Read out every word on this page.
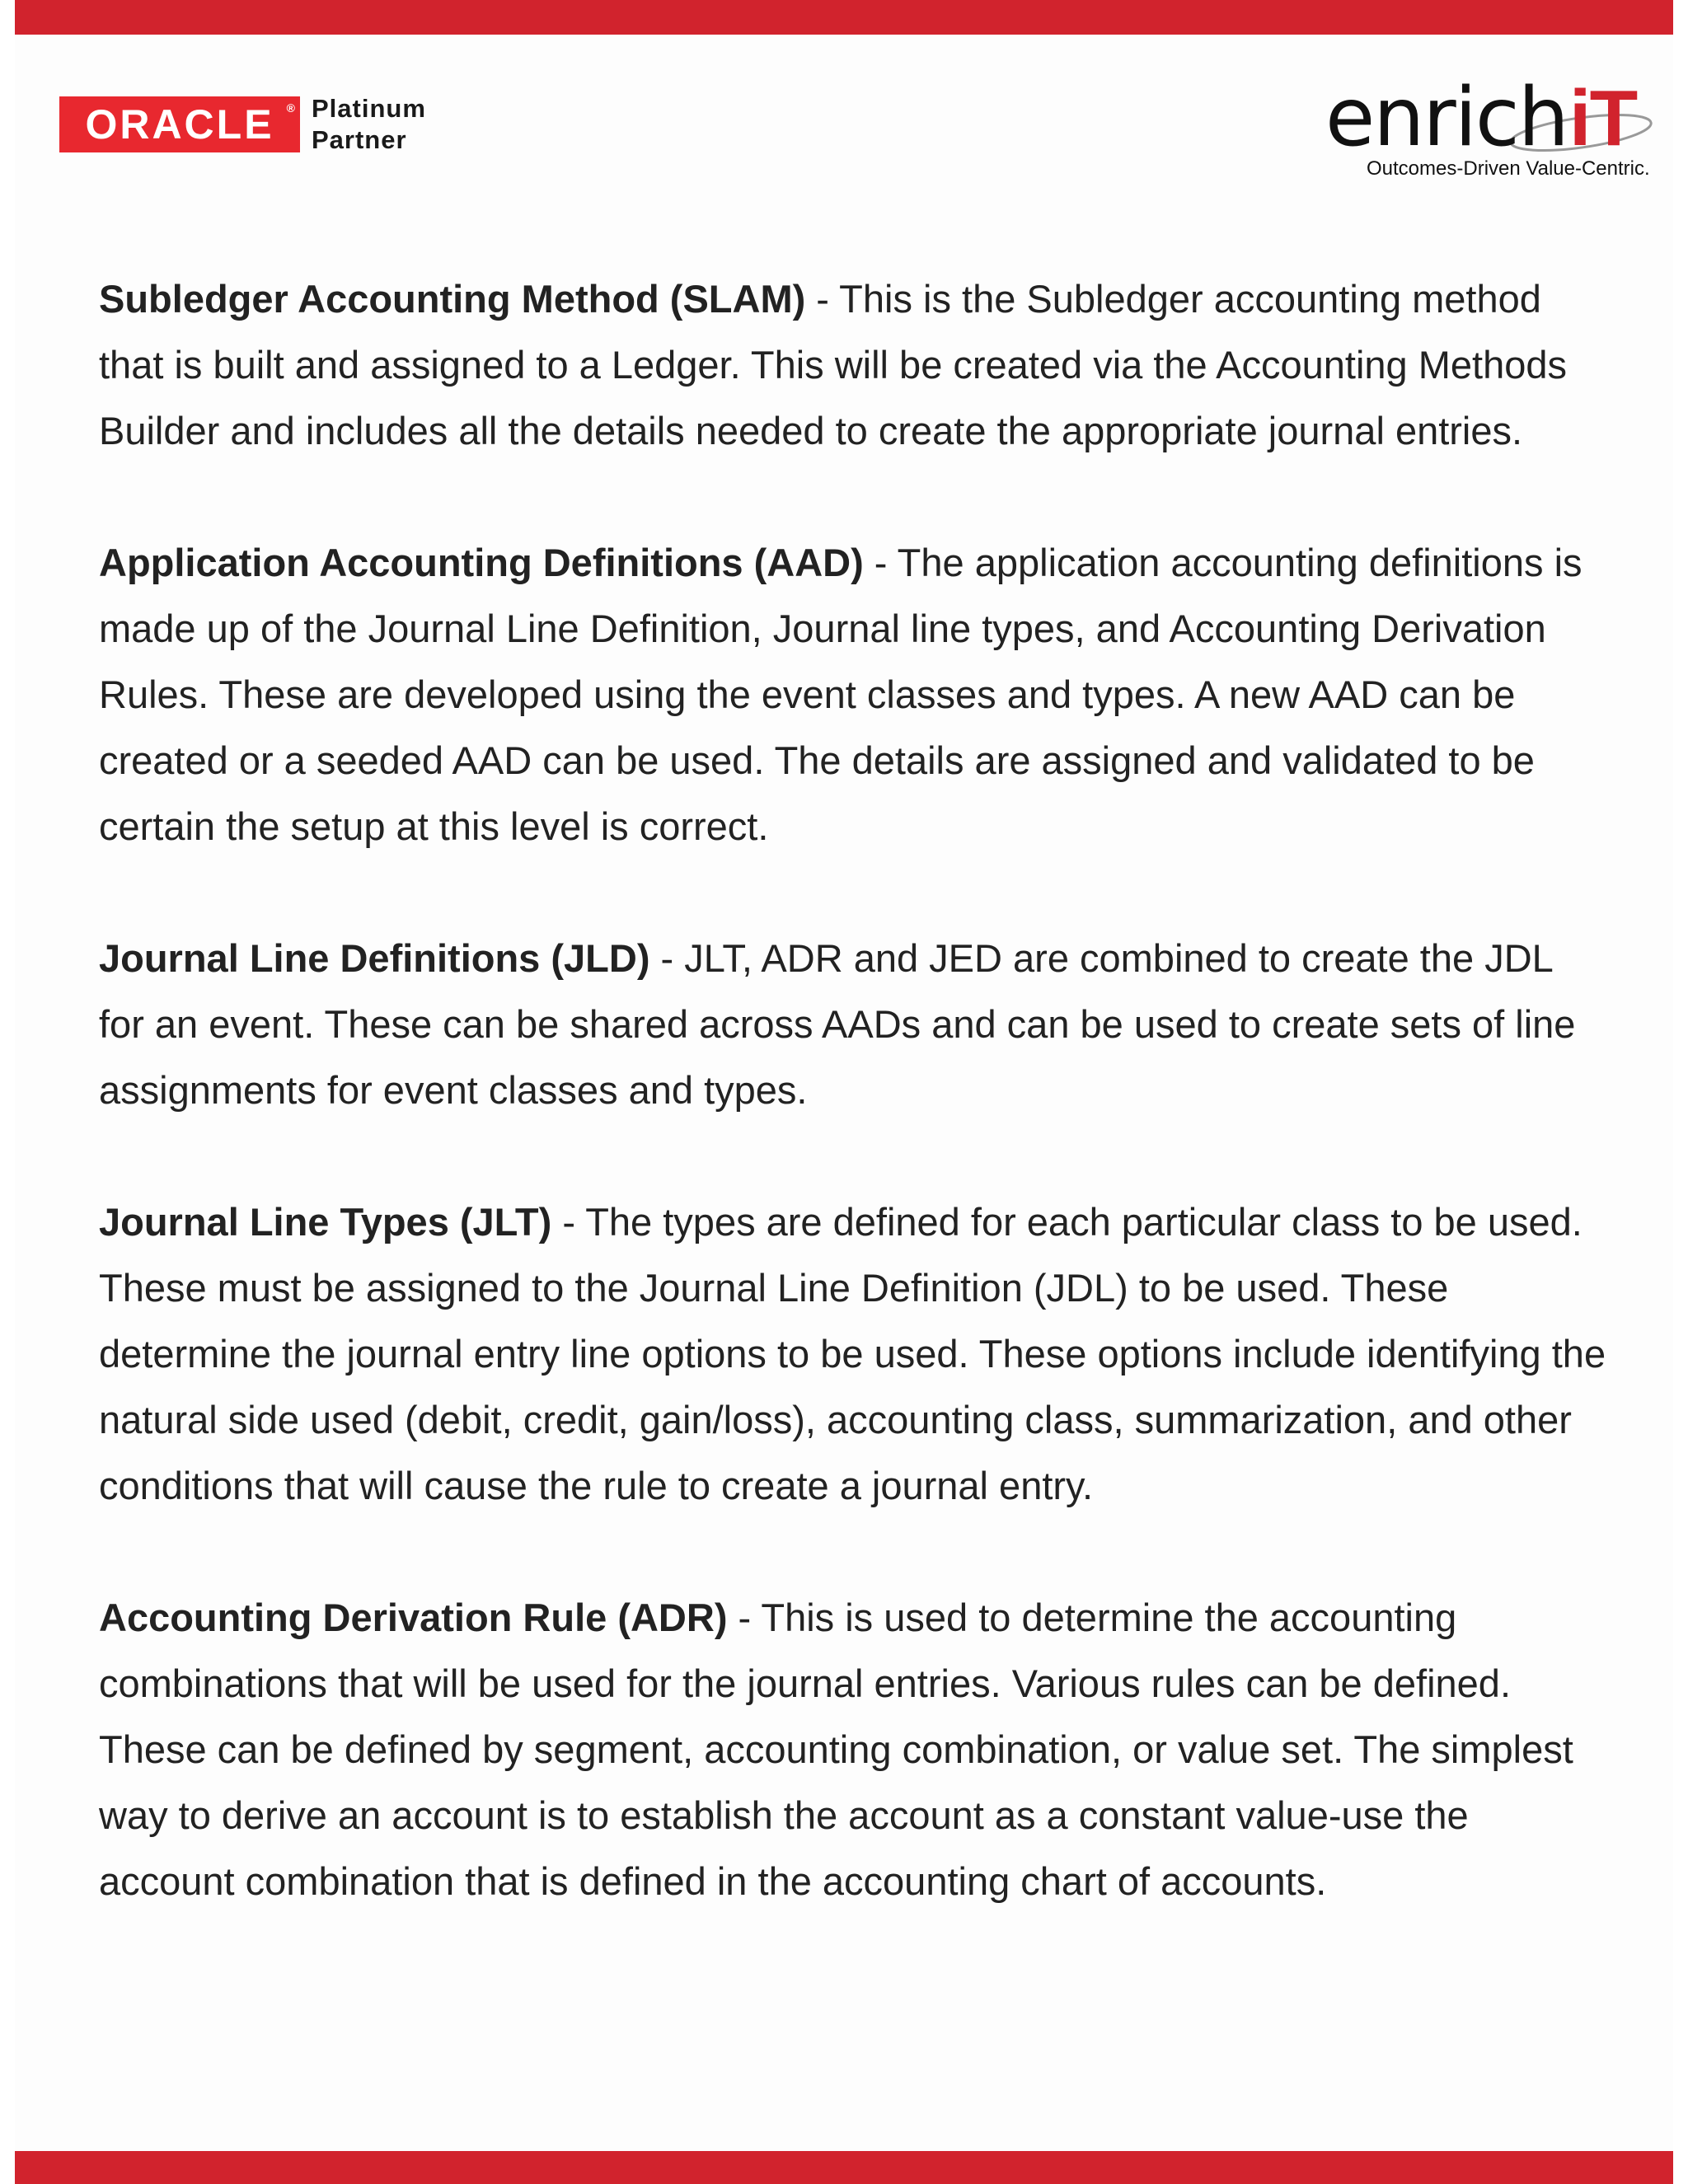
ORACLE ® Platinum
Partner	enrich iT
Outcomes-Driven Value-Centric.

Subledger Accounting Method (SLAM) - This is the Subledger accounting method that is built and assigned to a Ledger. This will be created via the Accounting Methods Builder and includes all the details needed to create the appropriate journal entries.

Application Accounting Definitions (AAD) - The application accounting definitions is made up of the Journal Line Definition, Journal line types, and Accounting Derivation Rules. These are developed using the event classes and types. A new AAD can be created or a seeded AAD can be used. The details are assigned and validated to be certain the setup at this level is correct.

Journal Line Definitions (JLD) - JLT, ADR and JED are combined to create the JDL for an event. These can be shared across AADs and can be used to create sets of line assignments for event classes and types.

Journal Line Types (JLT) - The types are defined for each particular class to be used. These must be assigned to the Journal Line Definition (JDL) to be used. These determine the journal entry line options to be used. These options include identifying the natural side used (debit, credit, gain/loss), accounting class, summarization, and other conditions that will cause the rule to create a journal entry.

Accounting Derivation Rule (ADR) - This is used to determine the accounting combinations that will be used for the journal entries. Various rules can be defined. These can be defined by segment, accounting combination, or value set. The simplest way to derive an account is to establish the account as a constant value-use the account combination that is defined in the accounting chart of accounts.
